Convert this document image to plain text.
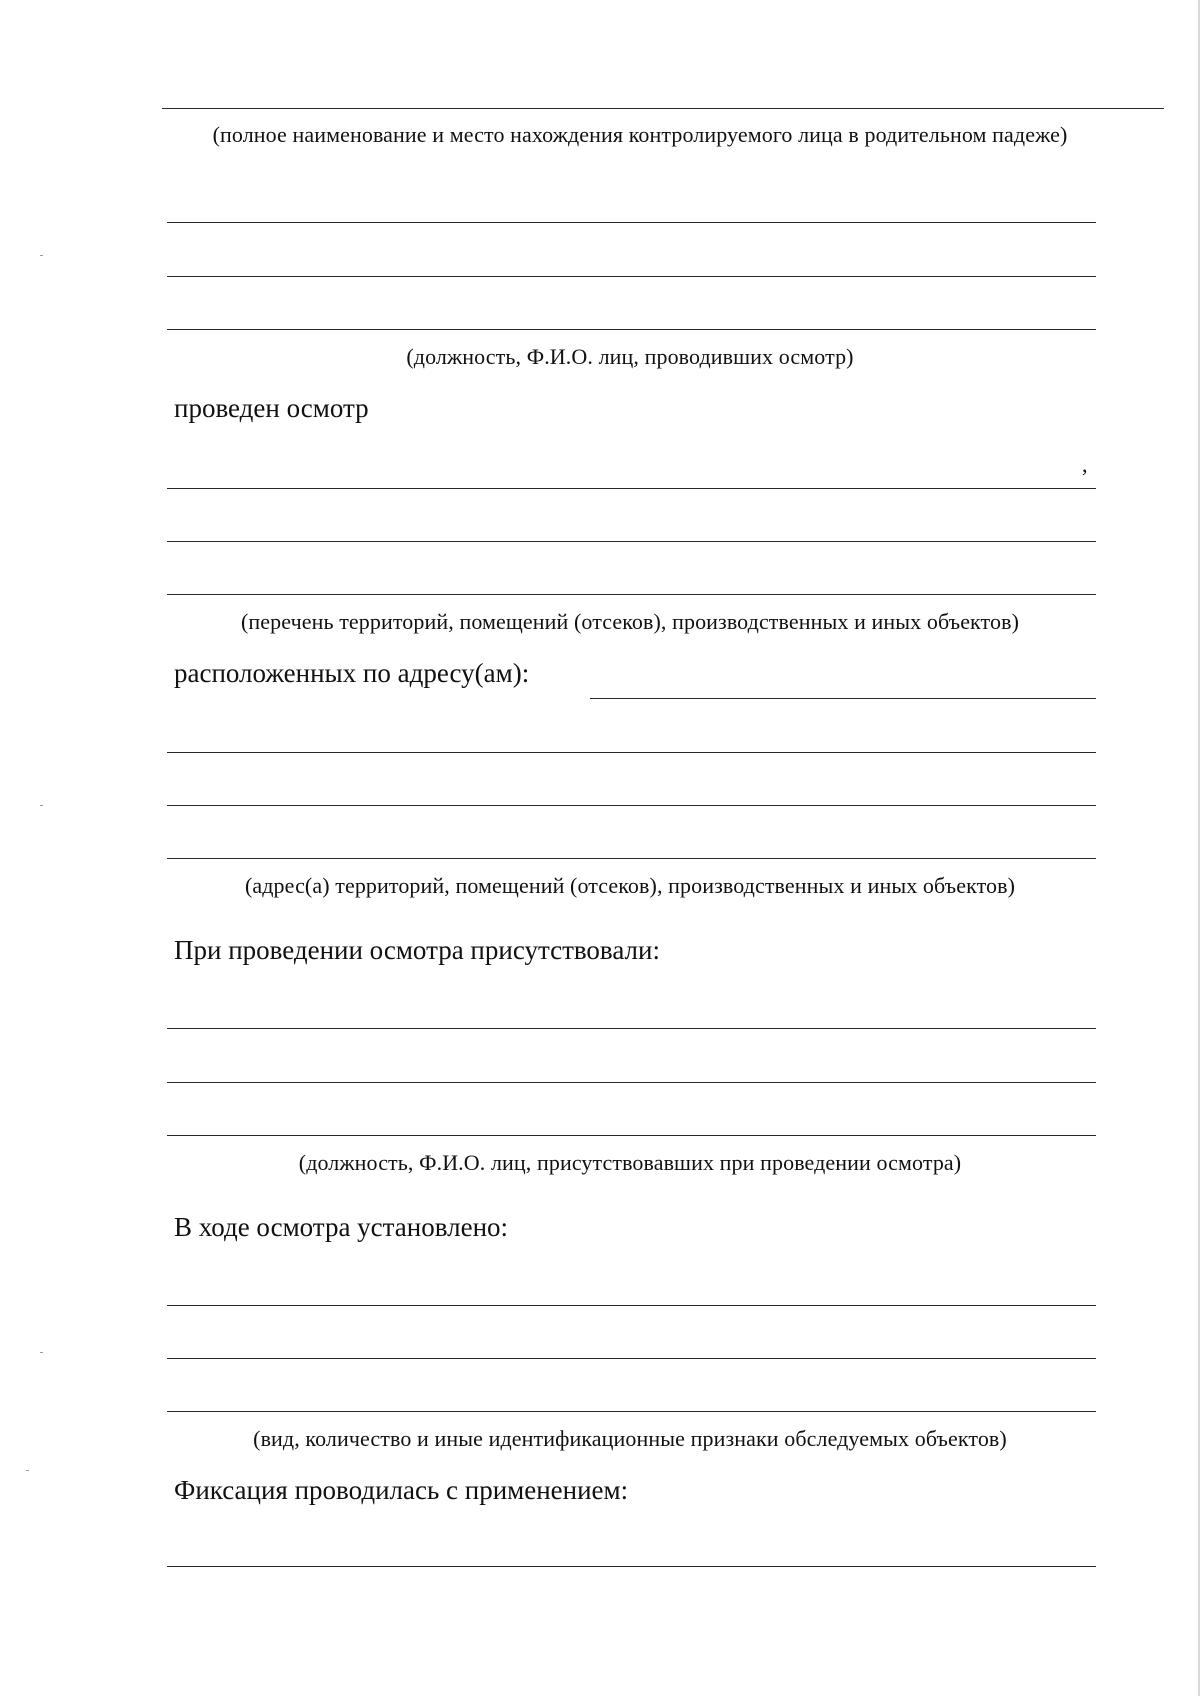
(полное наименование и место нахождения контролируемого лица в родительном падеже)
(должность, Ф.И.О. лиц, проводивших осмотр)
проведен осмотр
,
(перечень территорий, помещений (отсеков), производственных и иных объектов)
расположенных по адресу(ам):
(адрес(а) территорий, помещений (отсеков), производственных и иных объектов)
При проведении осмотра присутствовали:
(должность, Ф.И.О. лиц, присутствовавших при проведении осмотра)
В ходе осмотра установлено:
(вид, количество и иные идентификационные признаки обследуемых объектов)
Фиксация проводилась с применением:
